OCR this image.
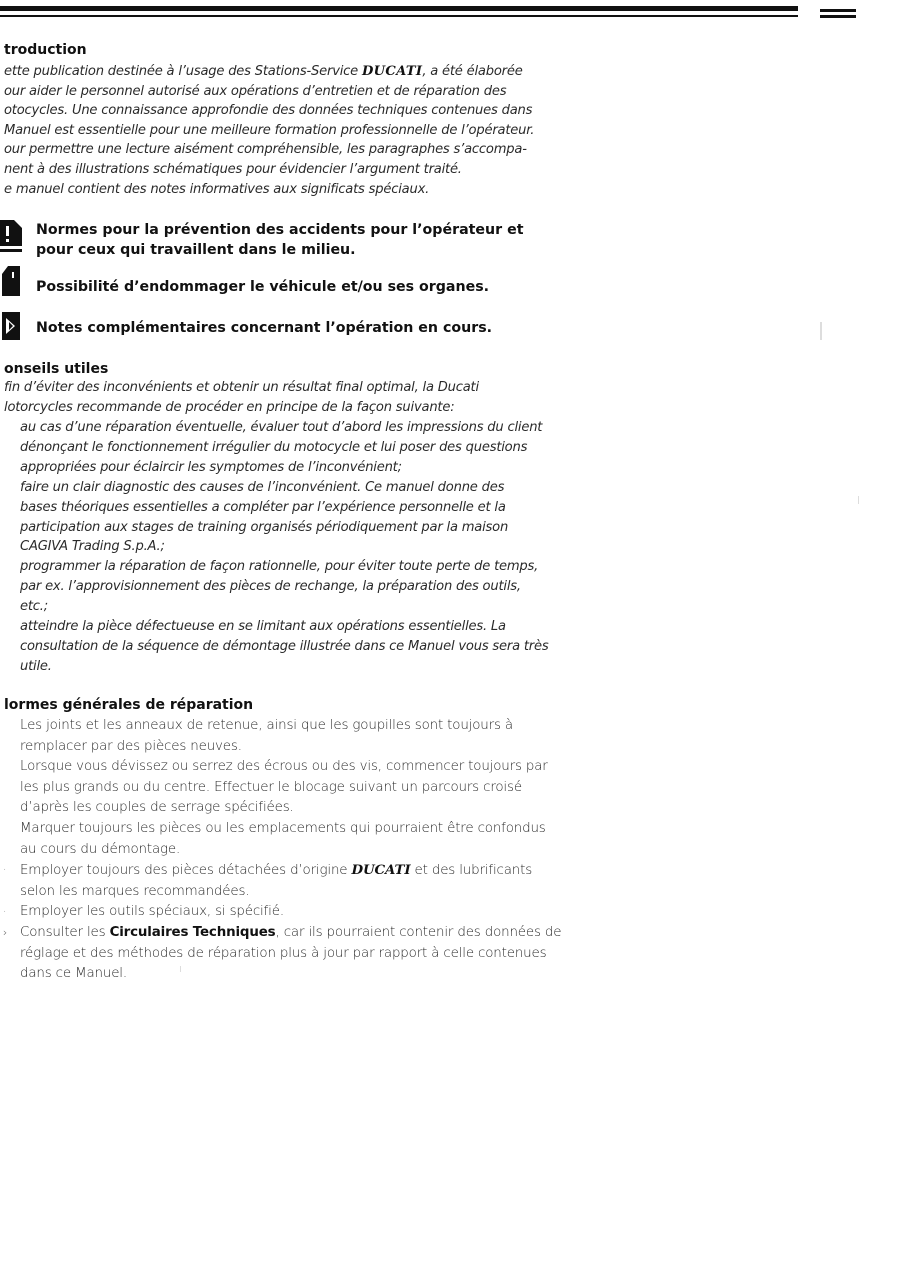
troduction
ette publication destinée à l’usage des Stations-Service DUCATI, a été élaborée
our aider le personnel autorisé aux opérations d’entretien et de réparation des
otocycles. Une connaissance approfondie des données techniques contenues dans
Manuel est essentielle pour une meilleure formation professionnelle de l’opérateur.
our permettre une lecture aisément compréhensible, les paragraphes s’accompa-
nent à des illustrations schématiques pour évidencier l’argument traité.
e manuel contient des notes informatives aux significats spéciaux.
Normes pour la prévention des accidents pour l’opérateur et pour ceux qui travaillent dans le milieu.
Possibilité d’endommager le véhicule et/ou ses organes.
Notes complémentaires concernant l’opération en cours.
onseils utiles
fin d’éviter des inconvénients et obtenir un résultat final optimal, la Ducati
lotorcycles recommande de procéder en principe de la façon suivante:
au cas d’une réparation éventuelle, évaluer tout d’abord les impressions du client
dénonçant le fonctionnement irrégulier du motocycle et lui poser des questions
appropriées pour éclaircir les symptomes de l’inconvénient;
faire un clair diagnostic des causes de l’inconvénient. Ce manuel donne des
bases théoriques essentielles a compléter par l’expérience personnelle et la
participation aux stages de training organisés périodiquement par la maison
CAGIVA Trading S.p.A.;
programmer la réparation de façon rationnelle, pour éviter toute perte de temps,
par ex. l’approvisionnement des pièces de rechange, la préparation des outils,
etc.;
atteindre la pièce défectueuse en se limitant aux opérations essentielles. La
consultation de la séquence de démontage illustrée dans ce Manuel vous sera très
utile.
lormes générales de réparation
Les joints et les anneaux de retenue, ainsi que les goupilles sont toujours à
remplacer par des pièces neuves.
Lorsque vous dévissez ou serrez des écrous ou des vis, commencer toujours par
les plus grands ou du centre. Effectuer le blocage suivant un parcours croisé
d’après les couples de serrage spécifiées.
Marquer toujours les pièces ou les emplacements qui pourraient être confondus
au cours du démontage.
· Employer toujours des pièces détachées d’origine DUCATI et des lubrificants
selon les marques recommandées.
· Employer les outils spéciaux, si spécifié.
› Consulter les Circulaires Techniques, car ils pourraient contenir des données de
réglage et des méthodes de réparation plus à jour par rapport à celle contenues
dans ce Manuel.
